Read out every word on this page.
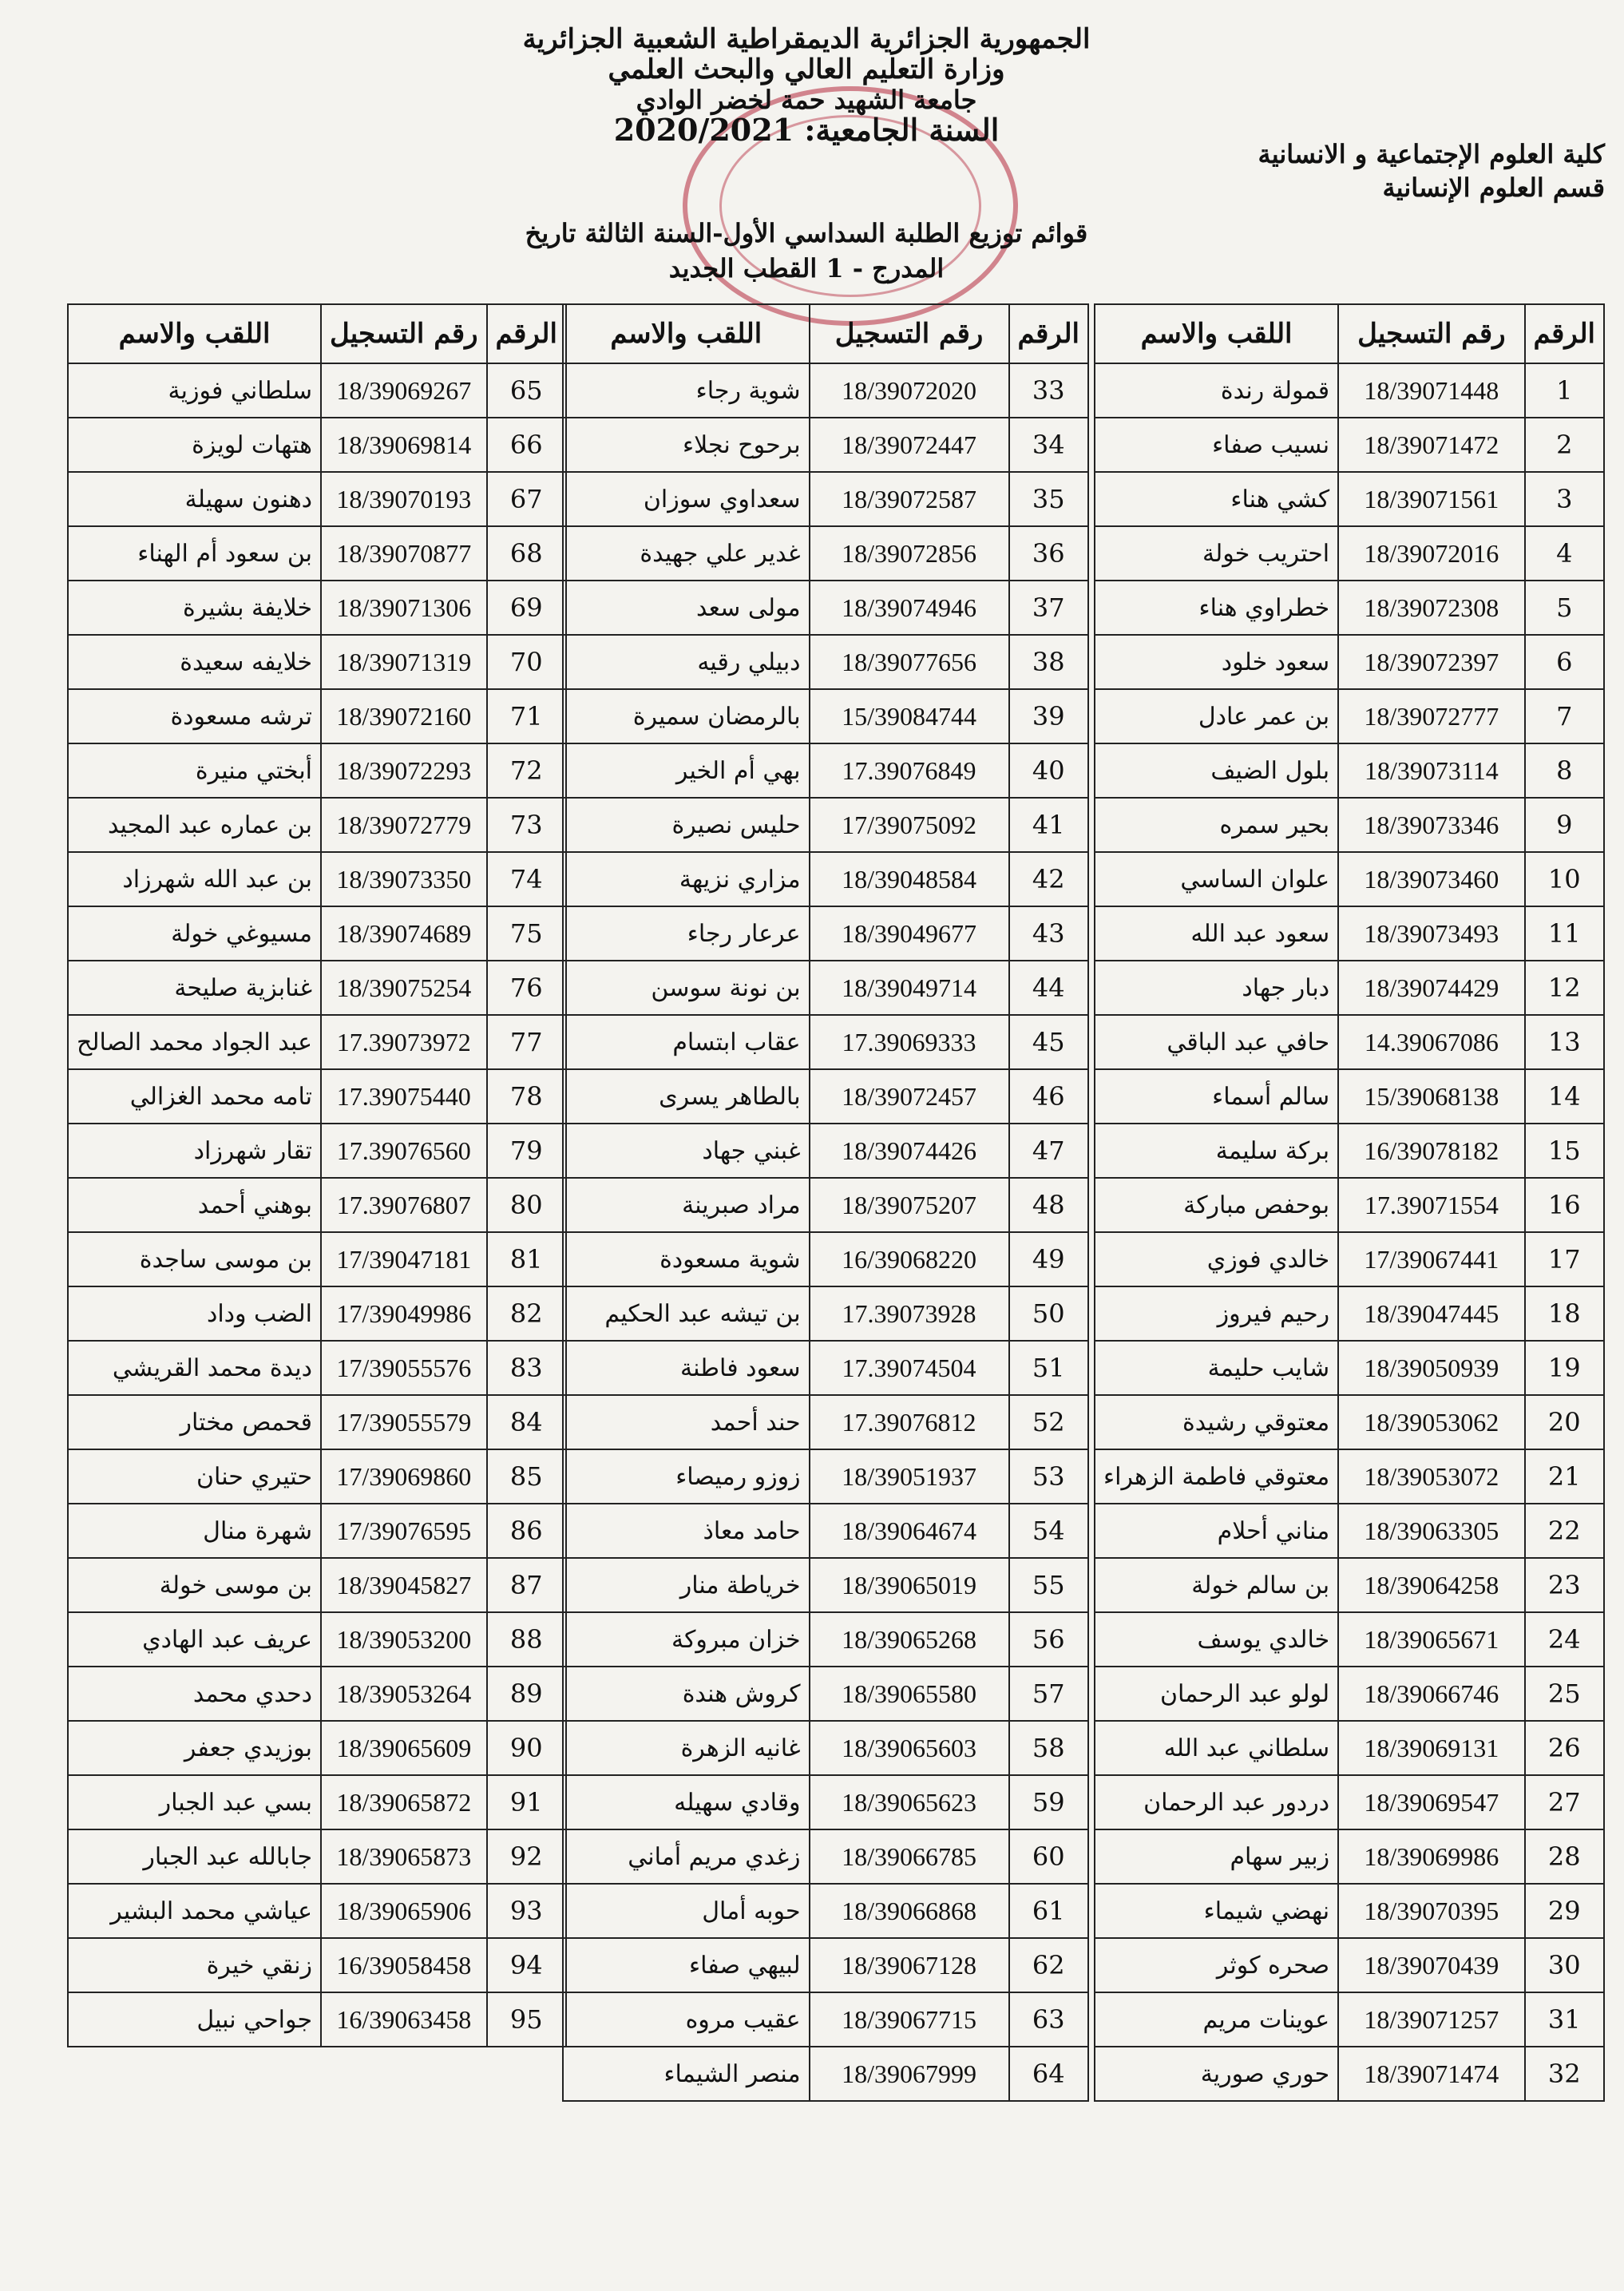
الجمهورية الجزائرية الديمقراطية الشعبية الجزائرية
وزارة التعليم العالي والبحث العلمي
جامعة الشهيد حمة لخضر الوادي
السنة الجامعية: 2020/2021
كلية العلوم الإجتماعية و الانسانية
قسم العلوم الإنسانية
قوائم توزيع الطلبة السداسي الأول-السنة الثالثة تاريخ
المدرج - 1 القطب الجديد
الرقم	رقم التسجيل	اللقب والاسم
1	18/39071448	قمولة رندة
2	18/39071472	نسيب صفاء
3	18/39071561	كشي هناء
4	18/39072016	احتريب خولة
5	18/39072308	خطراوي هناء
6	18/39072397	سعود خلود
7	18/39072777	بن عمر عادل
8	18/39073114	بلول الضيف
9	18/39073346	بحير سمره
10	18/39073460	علوان الساسي
11	18/39073493	سعود عبد الله
12	18/39074429	دبار جهاد
13	14.39067086	حافي عبد الباقي
14	15/39068138	سالم أسماء
15	16/39078182	بركة سليمة
16	17.39071554	بوحفص مباركة
17	17/39067441	خالدي فوزي
18	18/39047445	رحيم فيروز
19	18/39050939	شايب حليمة
20	18/39053062	معتوقي رشيدة
21	18/39053072	معتوقي فاطمة الزهراء
22	18/39063305	مناني أحلام
23	18/39064258	بن سالم خولة
24	18/39065671	خالدي يوسف
25	18/39066746	لولو عبد الرحمان
26	18/39069131	سلطاني عبد الله
27	18/39069547	دردور عبد الرحمان
28	18/39069986	زبير سهام
29	18/39070395	نهضي شيماء
30	18/39070439	صحره كوثر
31	18/39071257	عوينات مريم
32	18/39071474	حوري صورية
الرقم	رقم التسجيل	اللقب والاسم
33	18/39072020	شوية رجاء
34	18/39072447	برحوح نجلاء
35	18/39072587	سعداوي سوزان
36	18/39072856	غدير علي جهيدة
37	18/39074946	مولى سعد
38	18/39077656	دبيلي رقيه
39	15/39084744	بالرمضان سميرة
40	17.39076849	بهي أم الخير
41	17/39075092	حليس نصيرة
42	18/39048584	مزاري نزيهة
43	18/39049677	عرعار رجاء
44	18/39049714	بن نونة سوسن
45	17.39069333	عقاب ابتسام
46	18/39072457	بالطاهر يسرى
47	18/39074426	غبني جهاد
48	18/39075207	مراد صبرينة
49	16/39068220	شوية مسعودة
50	17.39073928	بن تيشه عبد الحكيم
51	17.39074504	سعود فاطنة
52	17.39076812	حند أحمد
53	18/39051937	زوزو رميصاء
54	18/39064674	حامد معاذ
55	18/39065019	خرياطة منار
56	18/39065268	خزان مبروكة
57	18/39065580	كروش هندة
58	18/39065603	غانيه الزهرة
59	18/39065623	وقادي سهيله
60	18/39066785	زغدي مريم أماني
61	18/39066868	حوبه أمال
62	18/39067128	لبيهي صفاء
63	18/39067715	عقيب مروه
64	18/39067999	منصر الشيماء
الرقم	رقم التسجيل	اللقب والاسم
65	18/39069267	سلطاني فوزية
66	18/39069814	هتهات لويزة
67	18/39070193	دهنون سهيلة
68	18/39070877	بن سعود أم الهناء
69	18/39071306	خلايفة بشيرة
70	18/39071319	خلايفه سعيدة
71	18/39072160	ترشه مسعودة
72	18/39072293	أبختي منيرة
73	18/39072779	بن عماره عبد المجيد
74	18/39073350	بن عبد الله شهرزاد
75	18/39074689	مسيوغي خولة
76	18/39075254	غنابزية صليحة
77	17.39073972	عبد الجواد محمد الصالح
78	17.39075440	تامه محمد الغزالي
79	17.39076560	تقار شهرزاد
80	17.39076807	بوهني أحمد
81	17/39047181	بن موسى ساجدة
82	17/39049986	الضب وداد
83	17/39055576	ديدة محمد القريشي
84	17/39055579	قحمص مختار
85	17/39069860	حتيري حنان
86	17/39076595	شهرة منال
87	18/39045827	بن موسى خولة
88	18/39053200	عريف عبد الهادي
89	18/39053264	دحدي محمد
90	18/39065609	بوزيدي جعفر
91	18/39065872	بسي عبد الجبار
92	18/39065873	جابالله عبد الجبار
93	18/39065906	عياشي محمد البشير
94	16/39058458	زنقي خيرة
95	16/39063458	جواحي نبيل
